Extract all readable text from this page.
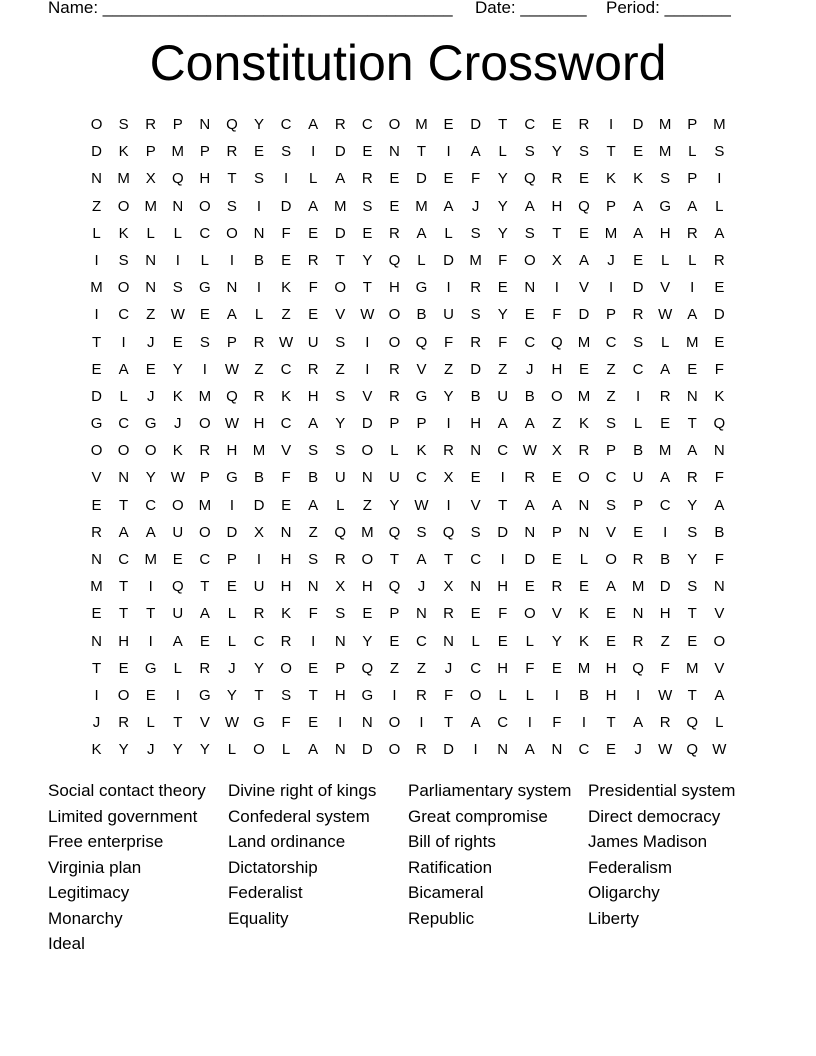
Name: _____________________________________ Date: _______ Period: _______
Constitution Crossword
O	S	R	P	N	Q	Y	C	A	R	C	O M	E	D	T	C	E	R	I	D	M	P	M
D	K	P	M	P	R	E	S	I	D	E	N	T	I	A	L	S	Y	S	T	E	M	L	S
N	M	X	Q	H	T	S	I	L	A	R	E	D	E	F	Y	Q	R	E	K	K	S	P	I
Z	O M	N	O	S	I	D	A	M	S	E	M	A	J	Y	A	H	Q	P	A	G	A	L
L	K	L	L	C	O	N	F	E	D	E	R	A	L	S	Y	S	T	E	M	A	H	R	A
I	S	N	I	L	I	B	E	R	T	Y	Q	L	D	M	F	O	X	A	J	E	L	L	R
M	O	N	S	G	N	I	K	F	O	T	H	G	I	R	E	N	I	V	I	D	V	I	E
I	C	Z	W E	A	L	Z	E	V W O	B	U	S	Y	E	F	D	P	R W A	D
T	I	J	E	S	P	R W U	S	I	O	Q	F	R	F	C	Q M	C	S	L	M	E
E	A	E	Y	I	W	Z	C	R	Z	I	R	V	Z	D	Z	J	H	E	Z	C	A	E	F
D	L	J	K	M	Q	R	K	H	S	V	R	G	Y	B	U	B	O M	Z	I	R	N	K
G	C	G	J	O W H	C	A	Y	D	P	P	I	H	A	A	Z	K	S	L	E	T	Q
O	O	O	K	R	H	M	V	S	S	O	L	K	R	N	C W X	R	P	B	M	A	N
V	N	Y W P	G	B	F	B	U	N	U	C	X	E	I	R	E	O	C	U	A	R	F
E	T	C	O M	I	D	E	A	L	Z	Y W	I	V	T	A	A	N	S	P	C	Y	A
R	A	A	U	O	D	X	N	Z	Q M	Q	S	Q	S	D	N	P	N	V	E	I	S	B
N	C	M	E	C	P	I	H	S	R	O	T	A	T	C	I	D	E	L	O	R	B	Y	F
M	T	I	Q	T	E	U	H	N	X	H	Q	J	X	N	H	E	R	E	A	M	D	S	N
E	T	T	U	A	L	R	K	F	S	E	P	N	R	E	F	O	V	K	E	N	H	T	V
N	H	I	A	E	L	C	R	I	N	Y	E	C	N	L	E	L	Y	K	E	R	Z	E	O
T	E	G	L	R	J	Y	O	E	P	Q	Z	Z	J	C	H	F	E	M	H	Q	F	M	V
I	O	E	I	G	Y	T	S	T	H	G	I	R	F	O	L	L	I	B	H	I	W	T	A
J	R	L	T	V W G	F	E	I	N	O	I	T	A	C	I	F	I	T	A	R	Q	L
K	Y	J	Y	Y	L	O	L	A	N	D	O	R	D	I	N	A	N	C	E	J	W Q W
Social contact theory
Limited government
Free enterprise
Virginia plan
Legitimacy
Monarchy
Ideal
Divine right of kings
Confederal system
Land ordinance
Dictatorship
Federalist
Equality
Parliamentary system
Great compromise
Bill of rights
Ratification
Bicameral
Republic
Presidential system
Direct democracy
James Madison
Federalism
Oligarchy
Liberty
